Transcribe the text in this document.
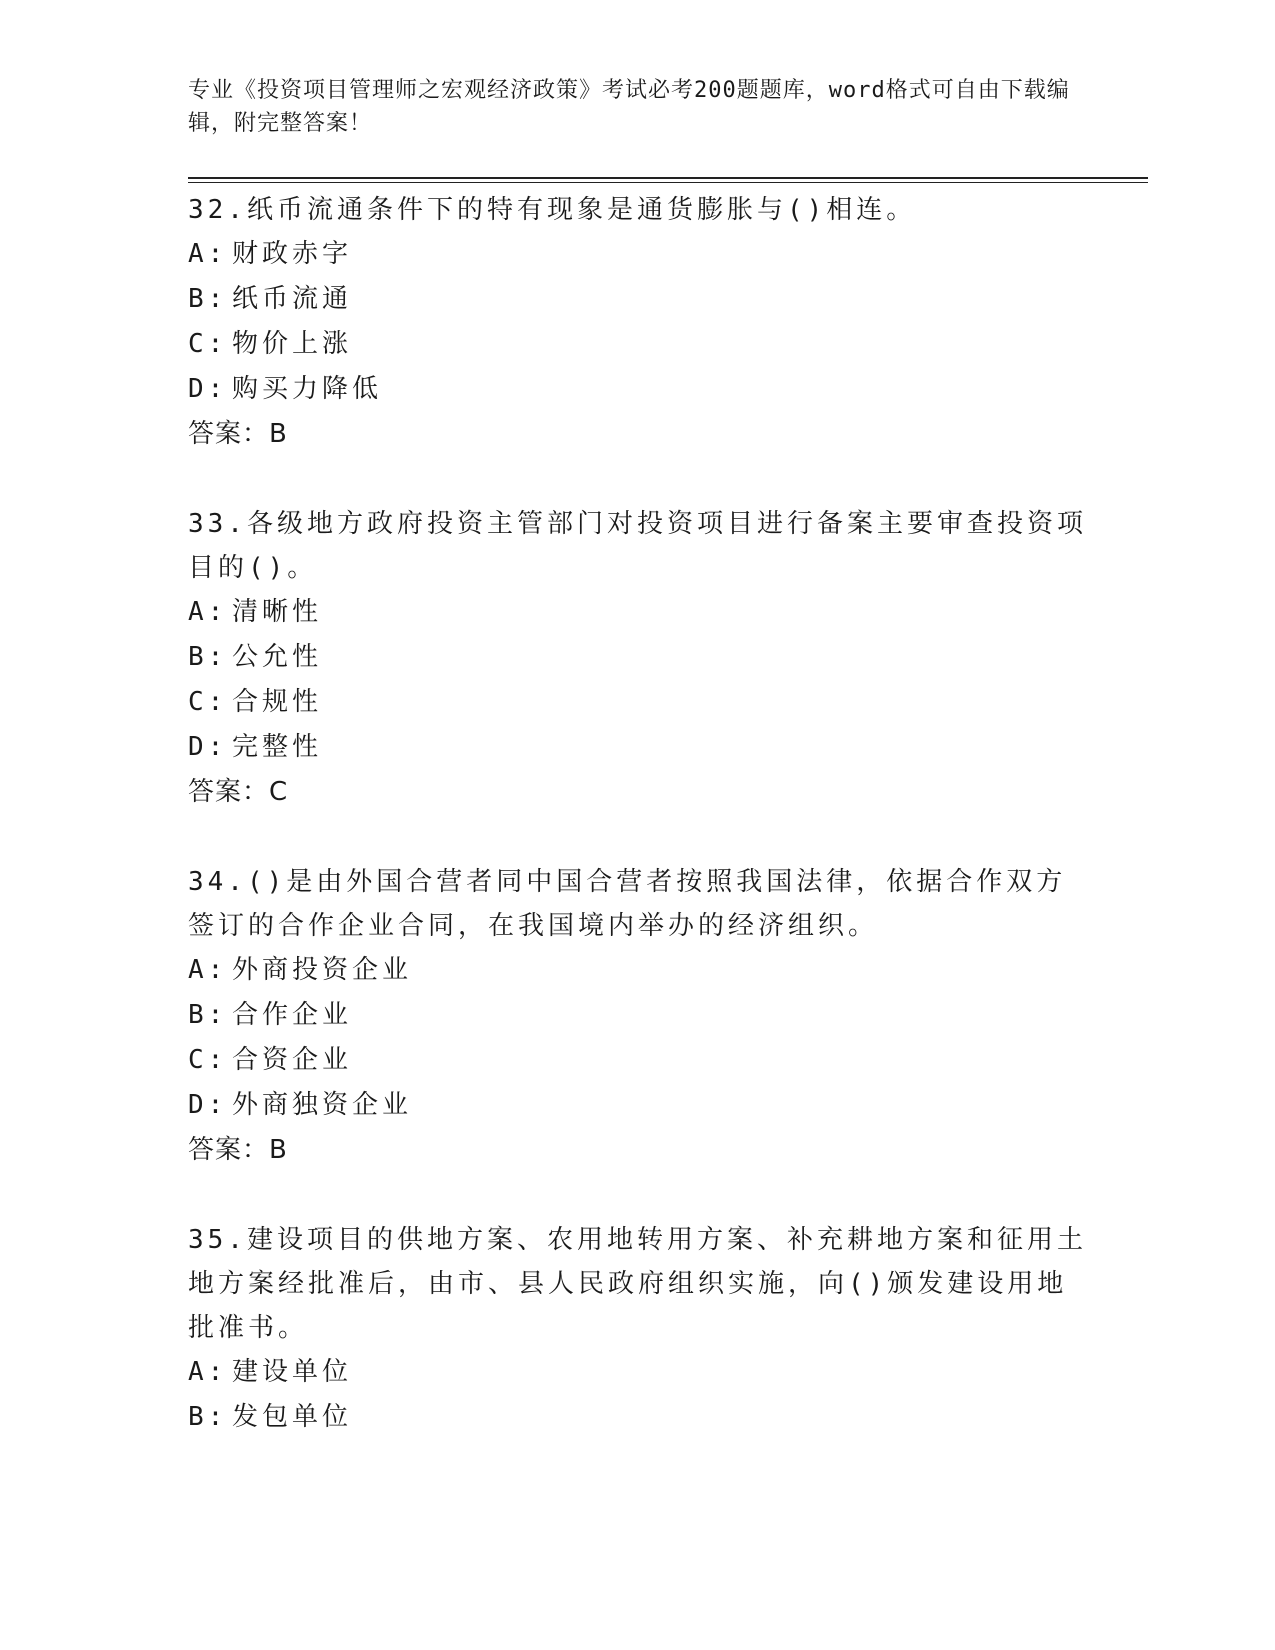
专业《投资项目管理师之宏观经济政策》考试必考200题题库，word格式可自由下载编辑，附完整答案！

32.纸币流通条件下的特有现象是通货膨胀与()相连。

A: 财政赤字
B: 纸币流通
C: 物价上涨
D: 购买力降低
答案：B

33.各级地方政府投资主管部门对投资项目进行备案主要审查投资项目的()。

A: 清晰性
B: 公允性
C: 合规性
D: 完整性
答案：C

34.()是由外国合营者同中国合营者按照我国法律，依据合作双方签订的合作企业合同，在我国境内举办的经济组织。

A: 外商投资企业
B: 合作企业
C: 合资企业
D: 外商独资企业
答案：B

35.建设项目的供地方案、农用地转用方案、补充耕地方案和征用土地方案经批准后，由市、县人民政府组织实施，向()颁发建设用地批准书。

A: 建设单位
B: 发包单位
